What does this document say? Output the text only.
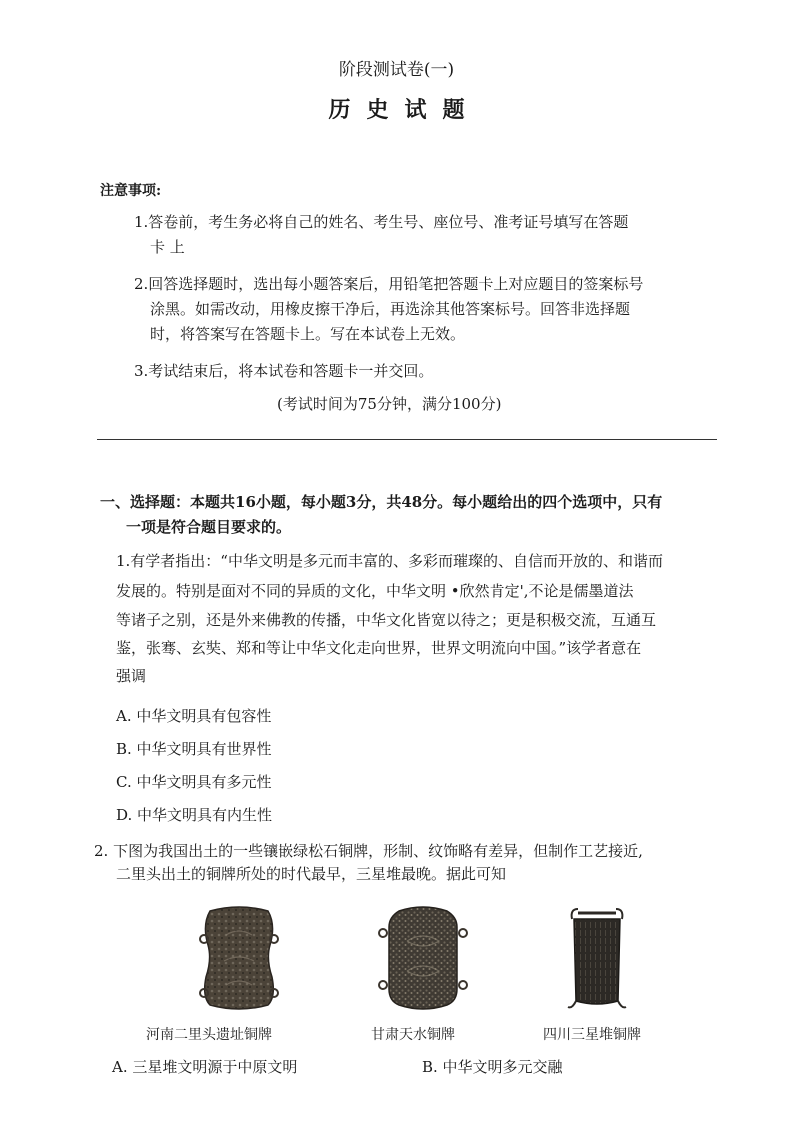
阶段测试卷(一)
历史试题
注意事项:
1.答卷前，考生务必将自己的姓名、考生号、座位号、准考证号填写在答题
卡 上
2.回答选择题时，选出每小题答案后，用铅笔把答题卡上对应题目的签案标号
涂黑。如需改动，用橡皮擦干净后，再选涂其他答案标号。回答非选择题
时，将答案写在答题卡上。写在本试卷上无效。
3.考试结束后，将本试卷和答题卡一并交回。
(考试时间为75分钟，满分100分)
一、选择题：本题共16小题，每小题3分，共48分。每小题给出的四个选项中，只有
一项是符合题目要求的。
1.有学者指出：“中华文明是多元而丰富的、多彩而璀璨的、自信而开放的、和谐而
发展的。特别是面对不同的异质的文化，中华文明 •欣然肯定',不论是儒墨道法
等诸子之别，还是外来佛教的传播，中华文化皆宽以待之；更是积极交流，互通互
鉴，张骞、玄奘、郑和等让中华文化走向世界，世界文明流向中国。”该学者意在
强调
A. 中华文明具有包容性
B. 中华文明具有世界性
C. 中华文明具有多元性
D. 中华文明具有内生性
2. 下图为我国出土的一些镶嵌绿松石铜牌，形制、纹饰略有差异，但制作工艺接近,
二里头出土的铜牌所处的时代最早，三星堆最晚。据此可知
河南二里头遗址铜牌	甘肃天水铜牌	四川三星堆铜牌
A. 三星堆文明源于中原文明	B. 中华文明多元交融
